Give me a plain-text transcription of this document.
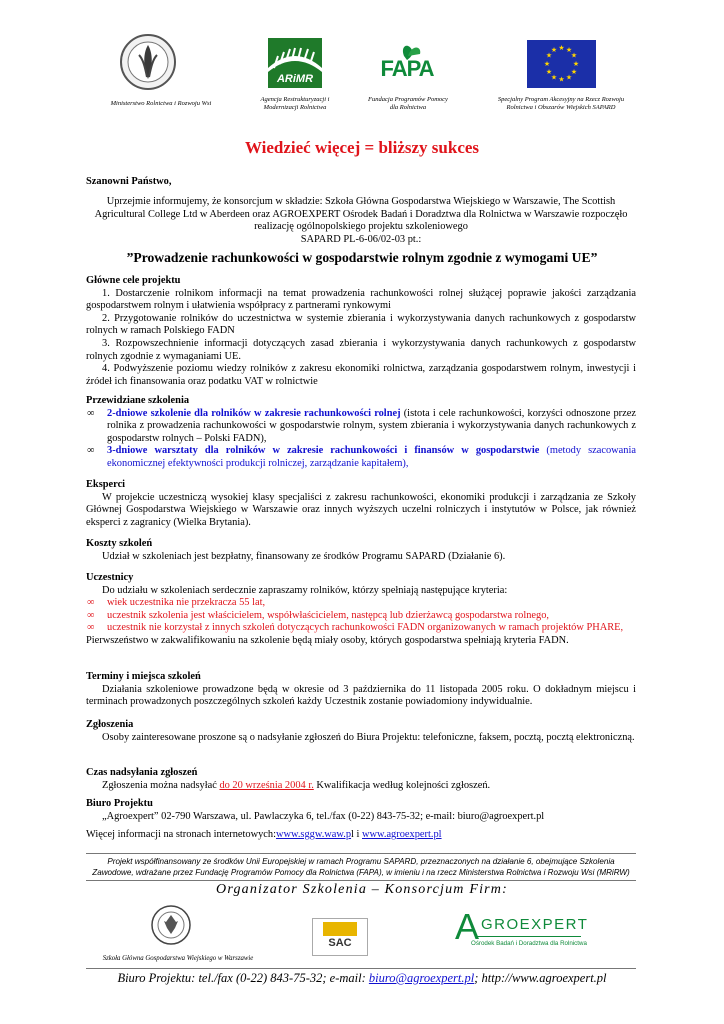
Ministerstwo Rolnictwa i Rozwoju Wsi
ARiMR
Agencja Restrukturyzacji i Modernizacji Rolnictwa
FAPA
Fundacja Programów Pomocy dla Rolnictwa
★ ★
★
★
★
★
★
★
★
★
★
★
Specjalny Program Akcesyjny na Rzecz Rozwoju Rolnictwa i Obszarów Wiejskich SAPARD
Wiedzieć więcej = bliższy sukces
Szanowni Państwo,
Uprzejmie informujemy, że konsorcjum w składzie: Szkoła Główna Gospodarstwa Wiejskiego w Warszawie, The Scottish Agricultural College Ltd w Aberdeen oraz AGROEXPERT Ośrodek Badań i Doradztwa dla Rolnictwa w Warszawie rozpoczęło realizację ogólnopolskiego projektu szkoleniowego
SAPARD PL-6-06/02-03 pt.:
”Prowadzenie rachunkowości w gospodarstwie rolnym zgodnie z wymogami UE”
Główne cele projektu
1. Dostarczenie rolnikom informacji na temat prowadzenia rachunkowości rolnej służącej poprawie jakości zarządzania gospodarstwem rolnym i ułatwienia współpracy z partnerami rynkowymi
2. Przygotowanie rolników do uczestnictwa w systemie zbierania i wykorzystywania danych rachunkowych z gospodarstw rolnych w ramach Polskiego FADN
3. Rozpowszechnienie informacji dotyczących zasad zbierania i wykorzystywania danych rachunkowych z gospodarstw rolnych zgodnie z wymaganiami UE.
4. Podwyższenie poziomu wiedzy rolników z zakresu ekonomiki rolnictwa, zarządzania gospodarstwem rolnym, inwestycji i źródeł ich finansowania oraz podatku VAT w rolnictwie
Przewidziane szkolenia
∞ 2-dniowe szkolenie dla rolników w zakresie rachunkowości rolnej (istota i cele rachunkowości, korzyści odnoszone przez rolnika z prowadzenia rachunkowości w gospodarstwie rolnym, system zbierania i wykorzystywania danych rachunkowych z gospodarstw rolnych – Polski FADN),
∞ 3-dniowe warsztaty dla rolników w zakresie rachunkowości i finansów w gospodarstwie (metody szacowania ekonomicznej efektywności produkcji rolniczej, zarządzanie kapitałem),
Eksperci
W projekcie uczestniczą wysokiej klasy specjaliści z zakresu rachunkowości, ekonomiki produkcji i zarządzania ze Szkoły Głównej Gospodarstwa Wiejskiego w Warszawie oraz innych wyższych uczelni rolniczych i instytutów w Polsce, jak również eksperci z zagranicy (Wielka Brytania).
Koszty szkoleń
Udział w szkoleniach jest bezpłatny, finansowany ze środków Programu SAPARD (Działanie 6).
Uczestnicy
Do udziału w szkoleniach serdecznie zapraszamy rolników, którzy spełniają następujące kryteria:
∞ wiek uczestnika nie przekracza 55 lat,
∞ uczestnik szkolenia jest właścicielem, współwłaścicielem, następcą lub dzierżawcą gospodarstwa rolnego,
∞ uczestnik nie korzystał z innych szkoleń dotyczących rachunkowości FADN organizowanych w ramach projektów PHARE,
Pierwszeństwo w zakwalifikowaniu na szkolenie będą miały osoby, których gospodarstwa spełniają kryteria FADN.
Terminy i miejsca szkoleń
Działania szkoleniowe prowadzone będą w okresie od 3 października do 11 listopada 2005 roku. O dokładnym miejscu i terminach prowadzonych poszczególnych szkoleń każdy Uczestnik zostanie powiadomiony indywidualnie.
Zgłoszenia
Osoby zainteresowane proszone są o nadsyłanie zgłoszeń do Biura Projektu: telefoniczne, faksem, pocztą, pocztą elektroniczną.
Czas nadsyłania zgłoszeń
Zgłoszenia można nadsyłać do 20 września 2004 r. Kwalifikacja według kolejności zgłoszeń.
Biuro Projektu
„Agroexpert” 02-790 Warszawa, ul. Pawlaczyka 6, tel./fax (0-22) 843-75-32; e-mail: biuro@agroexpert.pl
Więcej informacji na stronach internetowych:www.sggw.waw.pl i www.agroexpert.pl
Projekt współfinansowany ze środków Unii Europejskiej w ramach Programu SAPARD, przeznaczonych na działanie 6, obejmujące Szkolenia Zawodowe, wdrażane przez Fundację Programów Pomocy dla Rolnictwa (FAPA), w imieniu i na rzecz Ministerstwa Rolnictwa i Rozwoju Wsi (MRiRW)
Organizator Szkolenia – Konsorcjum Firm:
Szkoła Główna Gospodarstwa Wiejskiego w Warszawie
SAC	A GROEXPERT
Ośrodek Badań i Doradztwa dla Rolnictwa
Biuro Projektu: tel./fax (0-22) 843-75-32; e-mail: biuro@agroexpert.pl; http://www.agroexpert.pl
